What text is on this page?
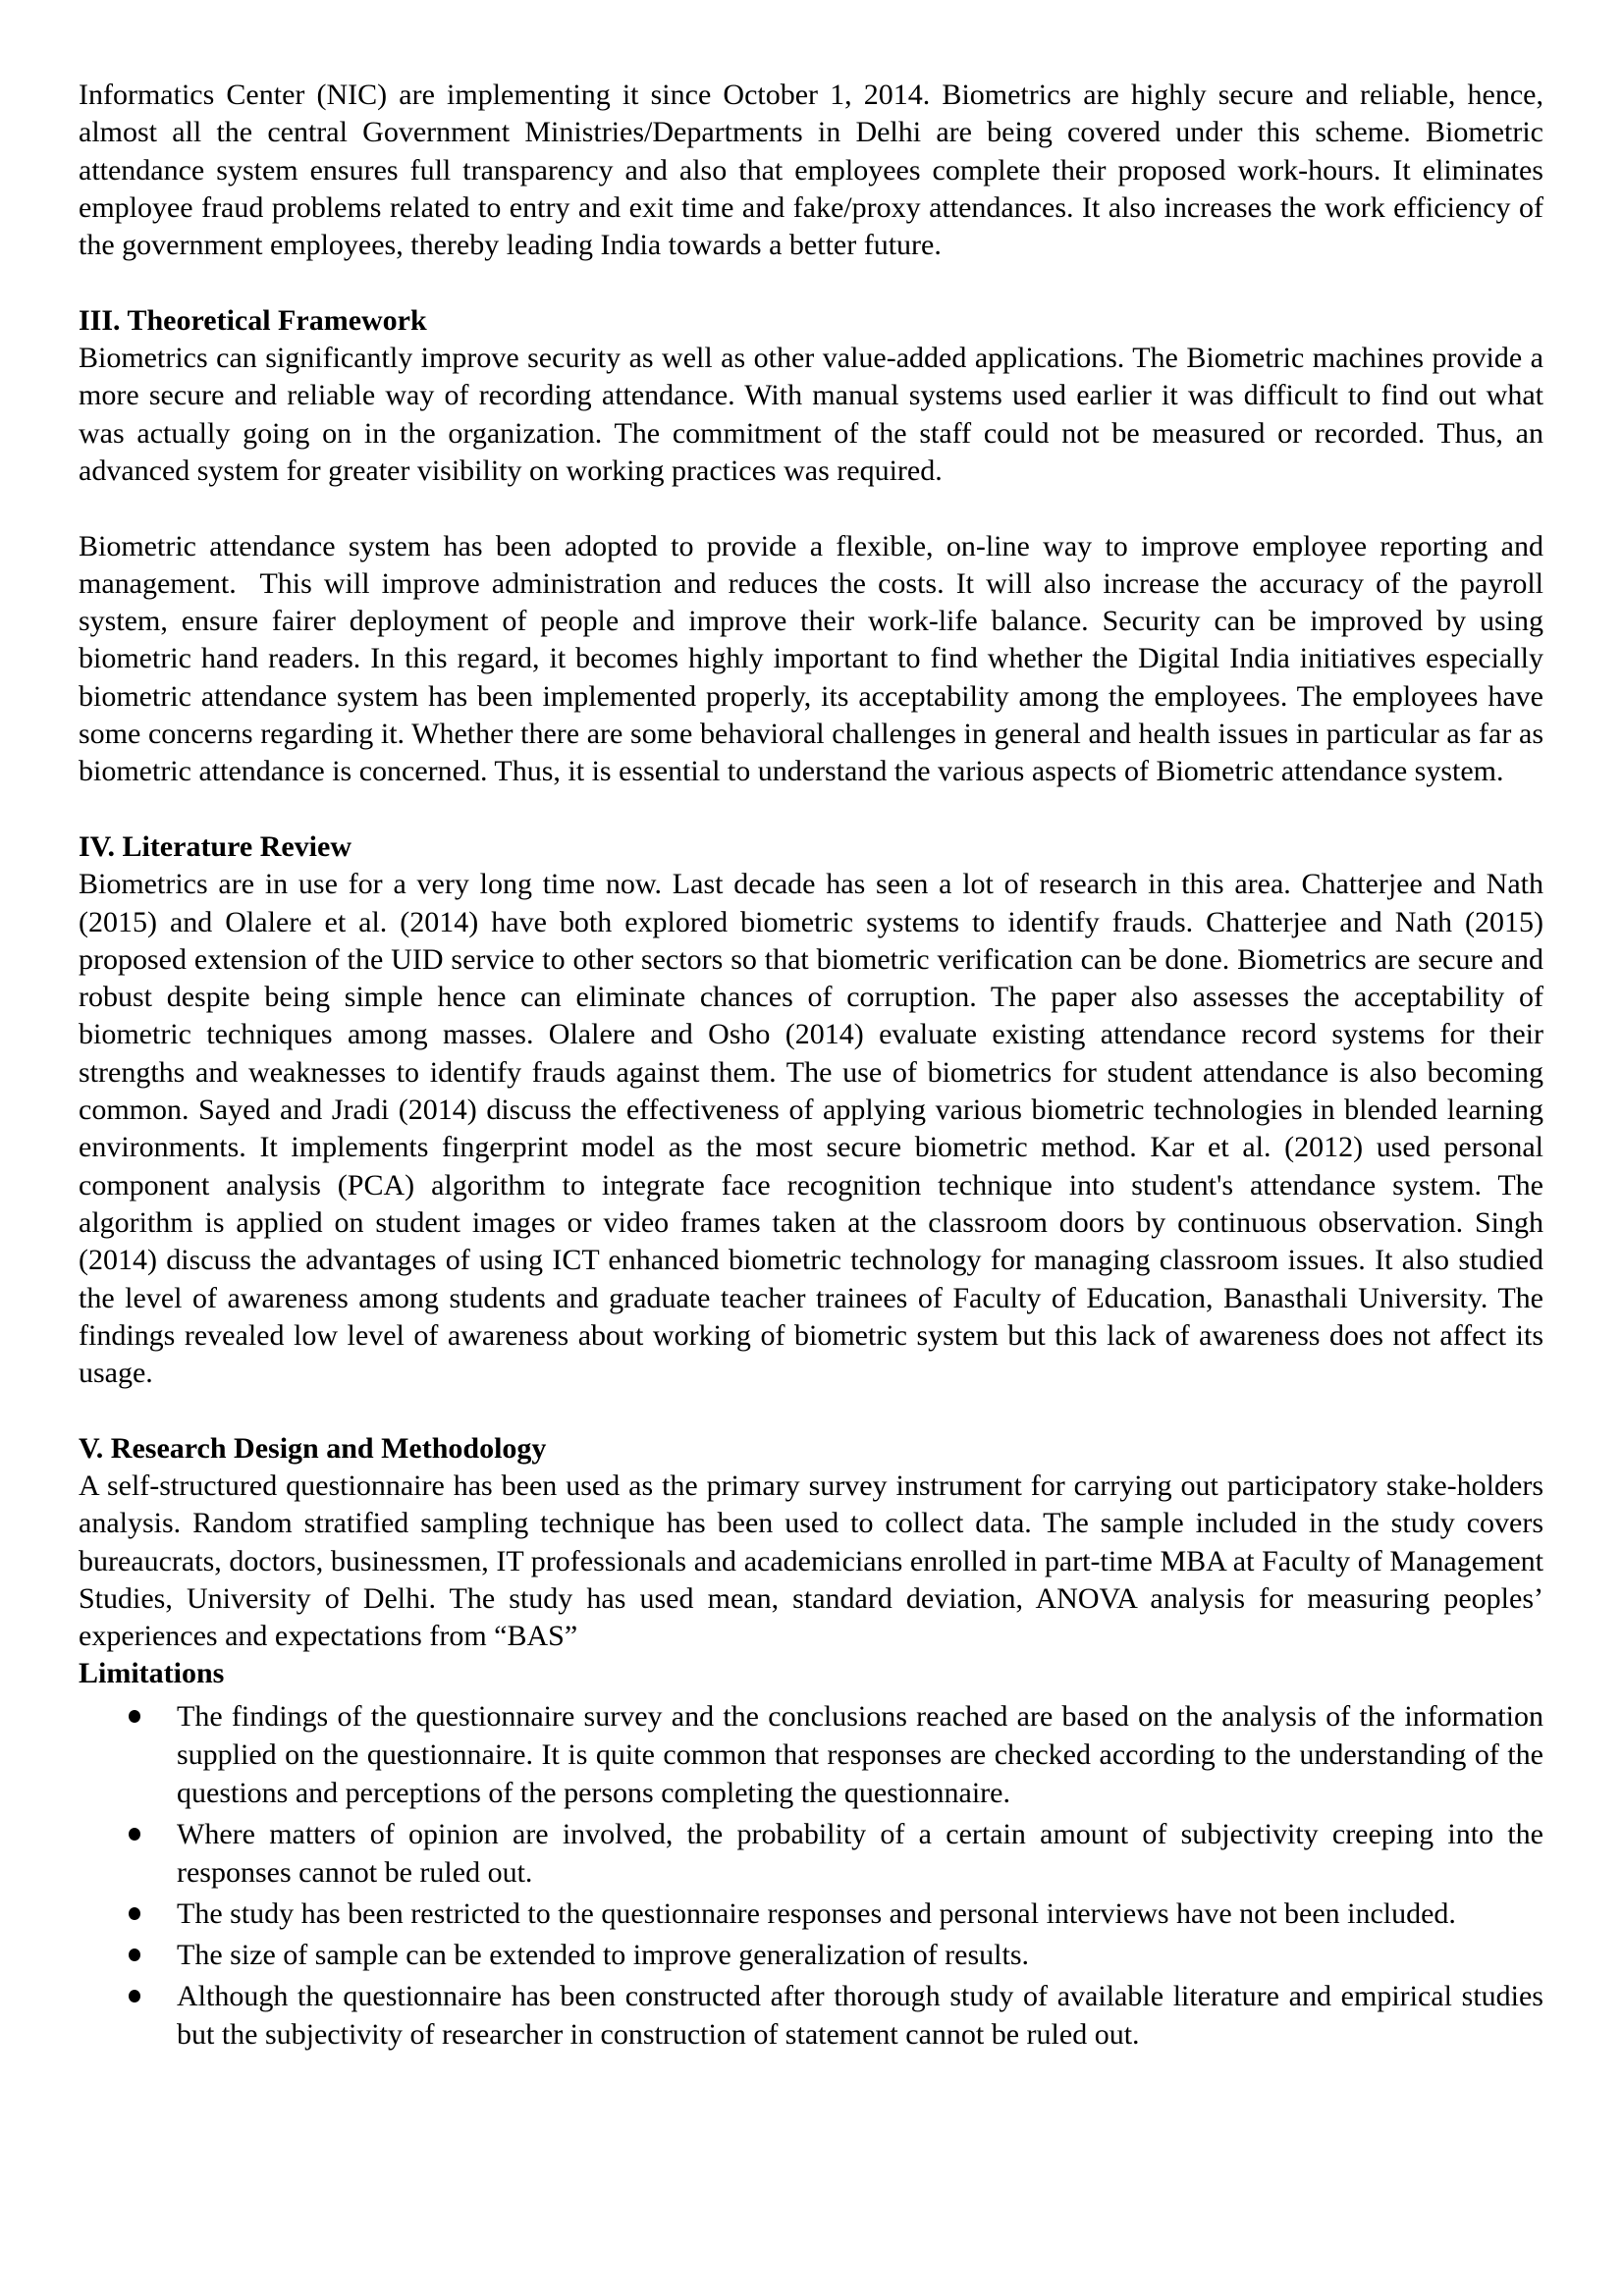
Informatics Center (NIC) are implementing it since October 1, 2014. Biometrics are highly secure and reliable, hence, almost all the central Government Ministries/Departments in Delhi are being covered under this scheme. Biometric attendance system ensures full transparency and also that employees complete their proposed work-hours. It eliminates employee fraud problems related to entry and exit time and fake/proxy attendances. It also increases the work efficiency of the government employees, thereby leading India towards a better future.

III. Theoretical Framework

Biometrics can significantly improve security as well as other value-added applications. The Biometric machines provide a more secure and reliable way of recording attendance. With manual systems used earlier it was difficult to find out what was actually going on in the organization. The commitment of the staff could not be measured or recorded. Thus, an advanced system for greater visibility on working practices was required.

Biometric attendance system has been adopted to provide a flexible, on-line way to improve employee reporting and management.  This will improve administration and reduces the costs. It will also increase the accuracy of the payroll system, ensure fairer deployment of people and improve their work-life balance. Security can be improved by using biometric hand readers. In this regard, it becomes highly important to find whether the Digital India initiatives especially biometric attendance system has been implemented properly, its acceptability among the employees. The employees have some concerns regarding it. Whether there are some behavioral challenges in general and health issues in particular as far as biometric attendance is concerned. Thus, it is essential to understand the various aspects of Biometric attendance system.

IV. Literature Review

Biometrics are in use for a very long time now. Last decade has seen a lot of research in this area. Chatterjee and Nath (2015) and Olalere et al. (2014) have both explored biometric systems to identify frauds. Chatterjee and Nath (2015) proposed extension of the UID service to other sectors so that biometric verification can be done. Biometrics are secure and robust despite being simple hence can eliminate chances of corruption. The paper also assesses the acceptability of biometric techniques among masses. Olalere and Osho (2014) evaluate existing attendance record systems for their strengths and weaknesses to identify frauds against them. The use of biometrics for student attendance is also becoming common. Sayed and Jradi (2014) discuss the effectiveness of applying various biometric technologies in blended learning environments. It implements fingerprint model as the most secure biometric method. Kar et al. (2012) used personal component analysis (PCA) algorithm to integrate face recognition technique into student's attendance system. The algorithm is applied on student images or video frames taken at the classroom doors by continuous observation. Singh (2014) discuss the advantages of using ICT enhanced biometric technology for managing classroom issues. It also studied the level of awareness among students and graduate teacher trainees of Faculty of Education, Banasthali University. The findings revealed low level of awareness about working of biometric system but this lack of awareness does not affect its usage.

V. Research Design and Methodology

A self-structured questionnaire has been used as the primary survey instrument for carrying out participatory stake-holders analysis. Random stratified sampling technique has been used to collect data. The sample included in the study covers bureaucrats, doctors, businessmen, IT professionals and academicians enrolled in part-time MBA at Faculty of Management Studies, University of Delhi. The study has used mean, standard deviation, ANOVA analysis for measuring peoples’ experiences and expectations from “BAS”

Limitations
The findings of the questionnaire survey and the conclusions reached are based on the analysis of the information supplied on the questionnaire. It is quite common that responses are checked according to the understanding of the questions and perceptions of the persons completing the questionnaire.
Where matters of opinion are involved, the probability of a certain amount of subjectivity creeping into the responses cannot be ruled out.
The study has been restricted to the questionnaire responses and personal interviews have not been included.
The size of sample can be extended to improve generalization of results.
Although the questionnaire has been constructed after thorough study of available literature and empirical studies but the subjectivity of researcher in construction of statement cannot be ruled out.
